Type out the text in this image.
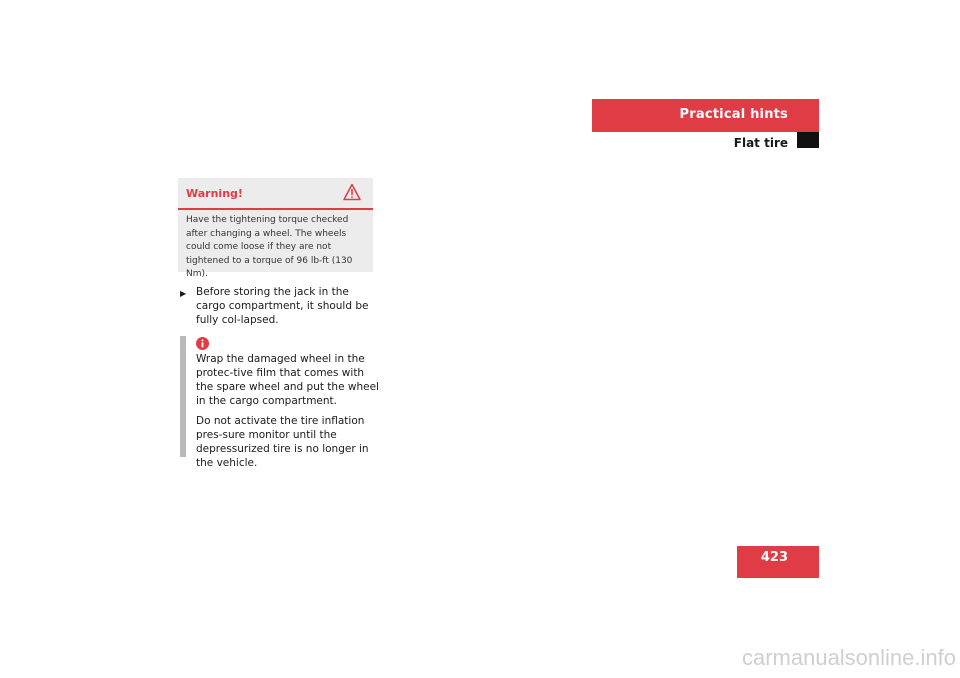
Practical hints
Flat tire
Warning!
Have the tightening torque checked after changing a wheel. The wheels could come loose if they are not tightened to a torque of 96 lb-ft (130 Nm).
▶ Before storing the jack in the cargo compartment, it should be fully col-lapsed.

Wrap the damaged wheel in the protec-tive film that comes with the spare wheel and put the wheel in the cargo compartment.

Do not activate the tire inflation pres-sure monitor until the depressurized tire is no longer in the vehicle.

423
carmanualsonline.info
